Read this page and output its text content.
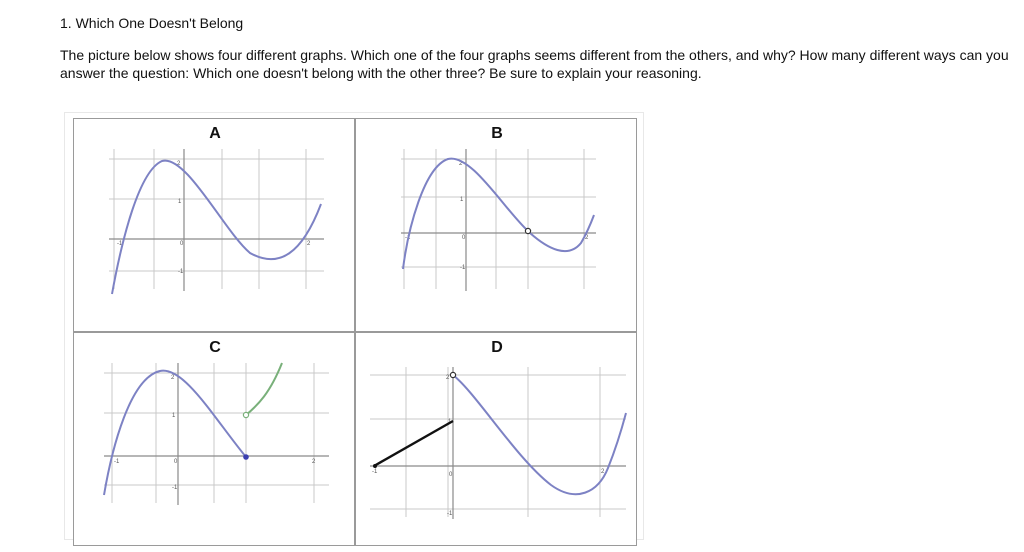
1. Which One Doesn't Belong
The picture below shows four different graphs. Which one of the four graphs seems different from the others, and why? How many different ways can you answer the question: Which one doesn't belong with the other three? Be sure to explain your reasoning.
A
2
1
0
-1
2
-1
B
2
1
0
-1
2
-1
C
2
1
0
-1
2
-1
D
2
0
-1
2
-1
